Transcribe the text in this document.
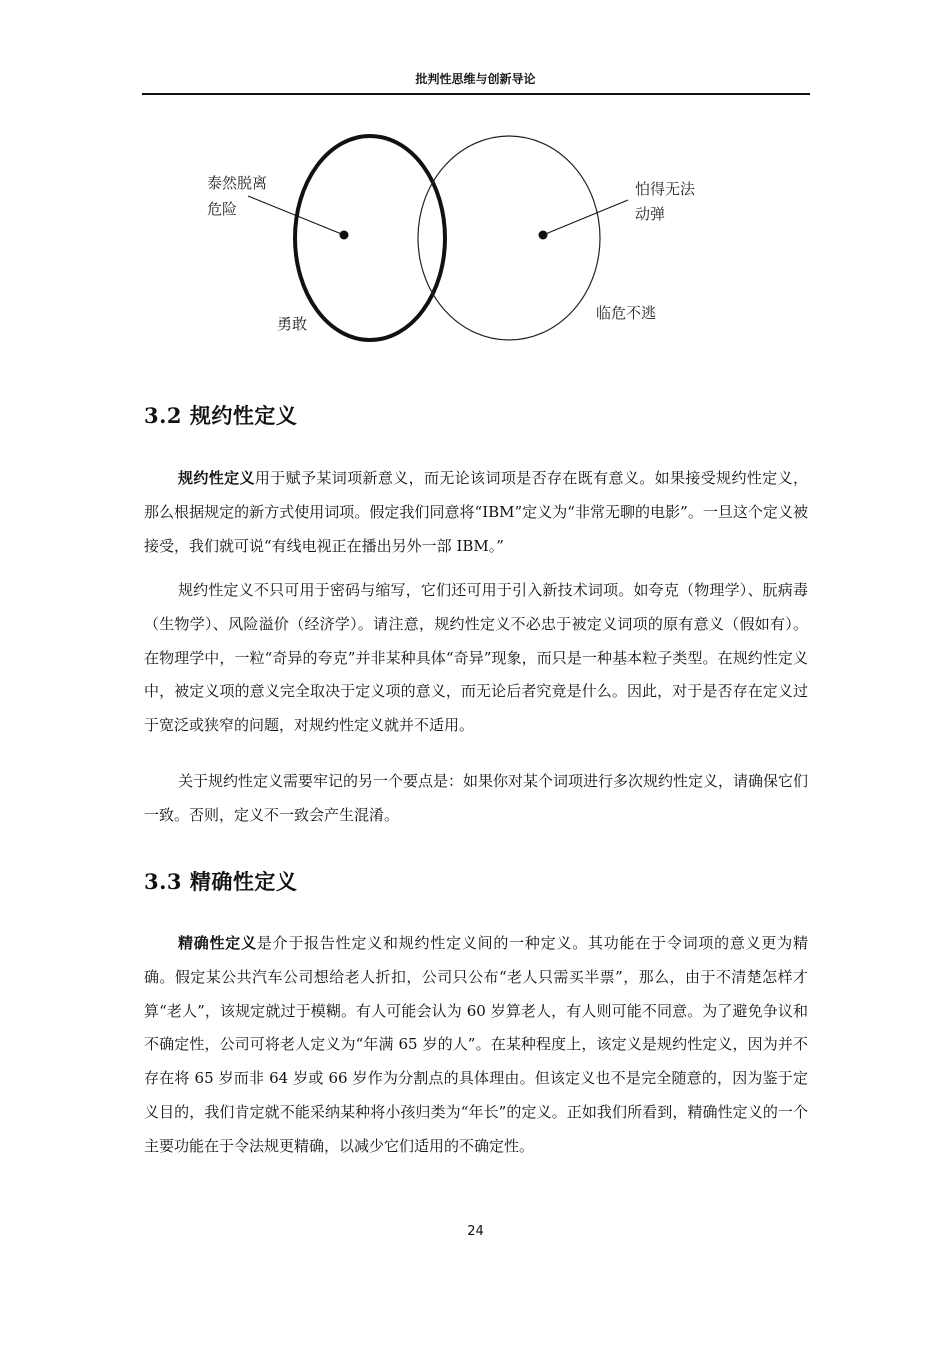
批判性思维与创新导论
泰然脱离
危险
怕得无法
动弹
勇敢
临危不逃
3.2 规约性定义

规约性定义用于赋予某词项新意义，而无论该词项是否存在既有意义。如果接受规约性定义，那么根据规定的新方式使用词项。假定我们同意将“IBM”定义为“非常无聊的电影”。一旦这个定义被接受，我们就可说“有线电视正在播出另外一部 IBM。”

规约性定义不只可用于密码与缩写，它们还可用于引入新技术词项。如夸克（物理学）、朊病毒（生物学）、风险溢价（经济学）。请注意，规约性定义不必忠于被定义词项的原有意义（假如有）。在物理学中，一粒“奇异的夸克”并非某种具体“奇异”现象，而只是一种基本粒子类型。在规约性定义中，被定义项的意义完全取决于定义项的意义，而无论后者究竟是什么。因此，对于是否存在定义过于宽泛或狭窄的问题，对规约性定义就并不适用。

关于规约性定义需要牢记的另一个要点是：如果你对某个词项进行多次规约性定义，请确保它们一致。否则，定义不一致会产生混淆。

3.3 精确性定义

精确性定义是介于报告性定义和规约性定义间的一种定义。其功能在于令词项的意义更为精确。假定某公共汽车公司想给老人折扣，公司只公布“老人只需买半票”，那么，由于不清楚怎样才算“老人”，该规定就过于模糊。有人可能会认为 60 岁算老人，有人则可能不同意。为了避免争议和不确定性，公司可将老人定义为“年满 65 岁的人”。在某种程度上，该定义是规约性定义，因为并不存在将 65 岁而非 64 岁或 66 岁作为分割点的具体理由。但该定义也不是完全随意的，因为鉴于定义目的，我们肯定就不能采纳某种将小孩归类为“年长”的定义。正如我们所看到，精确性定义的一个主要功能在于令法规更精确，以减少它们适用的不确定性。

24
